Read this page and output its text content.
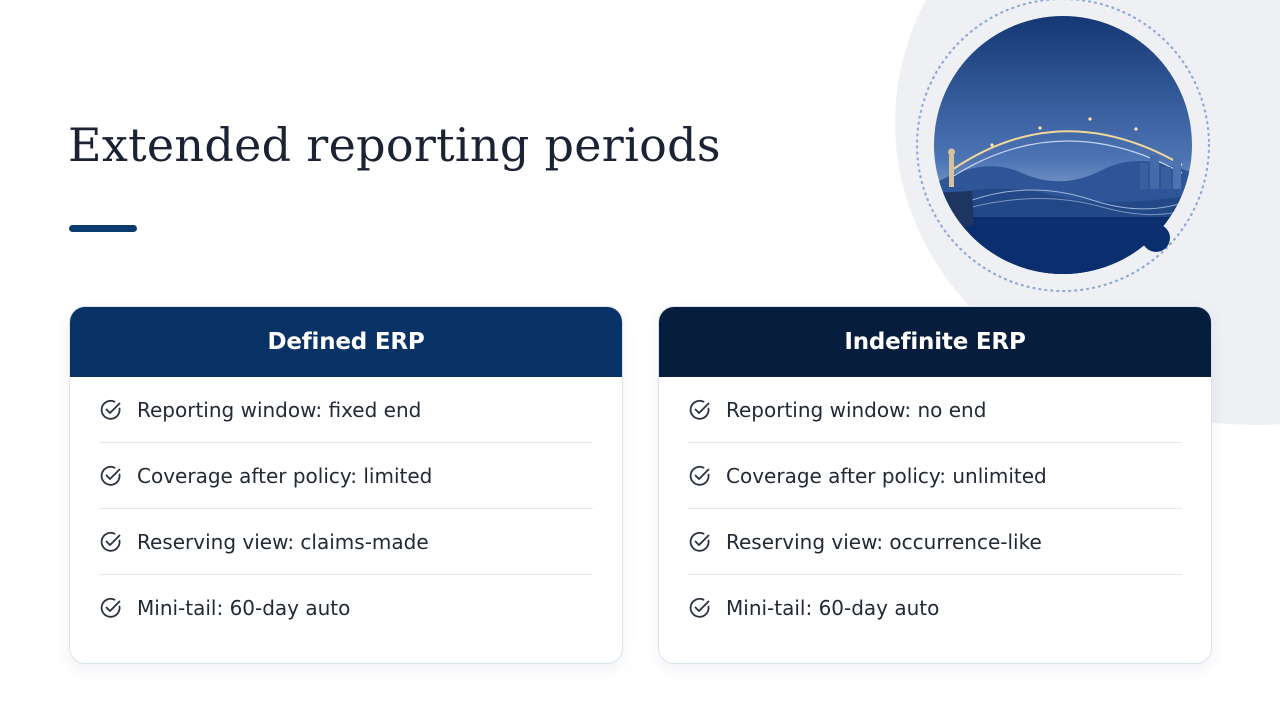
Extended reporting periods
Defined ERP
Reporting window: fixed end
Coverage after policy: limited
Reserving view: claims-made
Mini-tail: 60-day auto
Indefinite ERP
Reporting window: no end
Coverage after policy: unlimited
Reserving view: occurrence-like
Mini-tail: 60-day auto
